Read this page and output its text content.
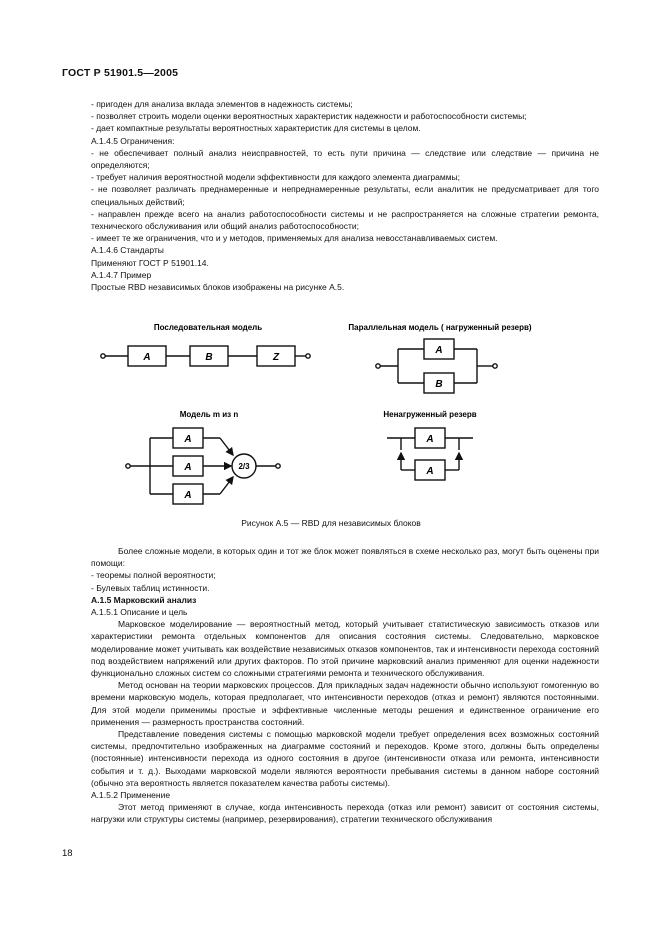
ГОСТ Р 51901.5—2005

- пригоден для анализа вклада элементов в надежность системы;

- позволяет строить модели оценки вероятностных характеристик надежности и работоспособности системы;

- дает компактные результаты вероятностных характеристик для системы в целом.

А.1.4.5 Ограничения:

- не обеспечивает полный анализ неисправностей, то есть пути причина — следствие или следствие — причина не определяются;

- требует наличия вероятностной модели эффективности для каждого элемента диаграммы;

- не позволяет различать преднамеренные и непреднамеренные результаты, если аналитик не предусматривает для того специальных действий;

- направлен прежде всего на анализ работоспособности системы и не распространяется на сложные стратегии ремонта, технического обслуживания или общий анализ работоспособности;

- имеет те же ограничения, что и у методов, применяемых для анализа невосстанавливаемых систем.

А.1.4.6 Стандарты

Применяют ГОСТ Р 51901.14.

А.1.4.7 Пример

Простые RBD независимых блоков изображены на рисунке А.5.

Последовательная модель
A	B	Z
Параллельная модель ( нагруженный резерв)
A
B
Модель m из n
A
A
A
2/3
Ненагруженный резерв
A
A
Рисунок А.5 — RBD для независимых блоков

Более сложные модели, в которых один и тот же блок может появляться в схеме несколько раз, могут быть оценены при помощи:

- теоремы полной вероятности;

- Булевых таблиц истинности.

А.1.5 Марковский анализ

А.1.5.1 Описание и цель

Марковское моделирование — вероятностный метод, который учитывает статистическую зависимость отказов или характеристики ремонта отдельных компонентов для описания состояния системы. Следовательно, марковское моделирование может учитывать как воздействие независимых отказов компонентов, так и интенсивности перехода состояний под воздействием напряжений или других факторов. По этой причине марковский анализ применяют для оценки надежности функционально сложных систем со сложными стратегиями ремонта и технического обслуживания.

Метод основан на теории марковских процессов. Для прикладных задач надежности обычно используют гомогенную во времени марковскую модель, которая предполагает, что интенсивности переходов (отказ и ремонт) являются постоянными. Для этой модели применимы простые и эффективные численные методы решения и единственное ограничение его применения — размерность пространства состояний.

Представление поведения системы с помощью марковской модели требует определения всех возможных состояний системы, предпочтительно изображенных на диаграмме состояний и переходов. Кроме этого, должны быть определены (постоянные) интенсивности перехода из одного состояния в другое (интенсивности отказа или ремонта, интенсивности события и т. д.). Выходами марковской модели являются вероятности пребывания системы в данном наборе состояний (обычно эта вероятность является показателем качества работы системы).

А.1.5.2 Применение

Этот метод применяют в случае, когда интенсивность перехода (отказ или ремонт) зависит от состояния системы, нагрузки или структуры системы (например, резервирования), стратегии технического обслуживания

18
